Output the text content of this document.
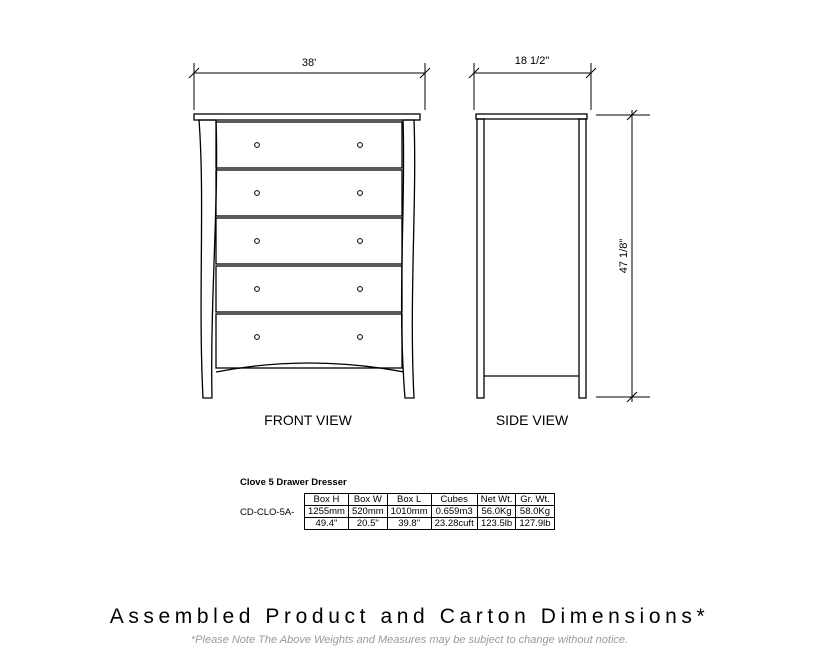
38'
FRONT VIEW
18 1/2"
SIDE VIEW
47 1/8"
Clove 5 Drawer Dresser
CD-CLO-5A-
Box H	Box W	Box L	Cubes	Net Wt.	Gr. Wt.
1255mm	520mm	1010mm	0.659m3	56.0Kg	58.0Kg
49.4"	20.5"	39.8"	23.28cuft	123.5lb	127.9lb
Assembled Product and Carton Dimensions*
*Please Note The Above Weights and Measures may be subject to change without notice.
